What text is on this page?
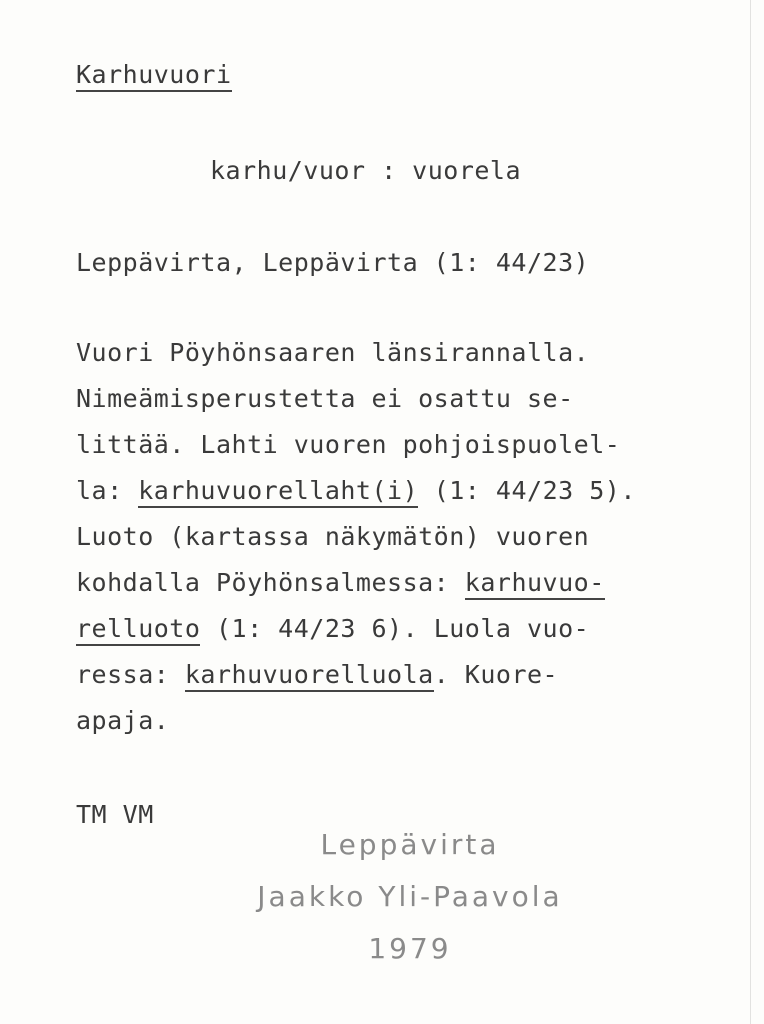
Karhuvuori

karhu/vuor : vuorela

Leppävirta, Leppävirta (1: 44/23)

Vuori Pöyhönsaaren länsirannalla.

Nimeämisperustetta ei osattu se-

littää. Lahti vuoren pohjoispuolel-

la: karhuvuorellaht(i) (1: 44/23 5).

Luoto (kartassa näkymätön) vuoren

kohdalla Pöyhönsalmessa: karhuvuo-

relluoto (1: 44/23 6). Luola vuo-

ressa: karhuvuorelluola. Kuore-

apaja.

TM VM

Leppävirta
Jaakko Yli-Paavola
1979
